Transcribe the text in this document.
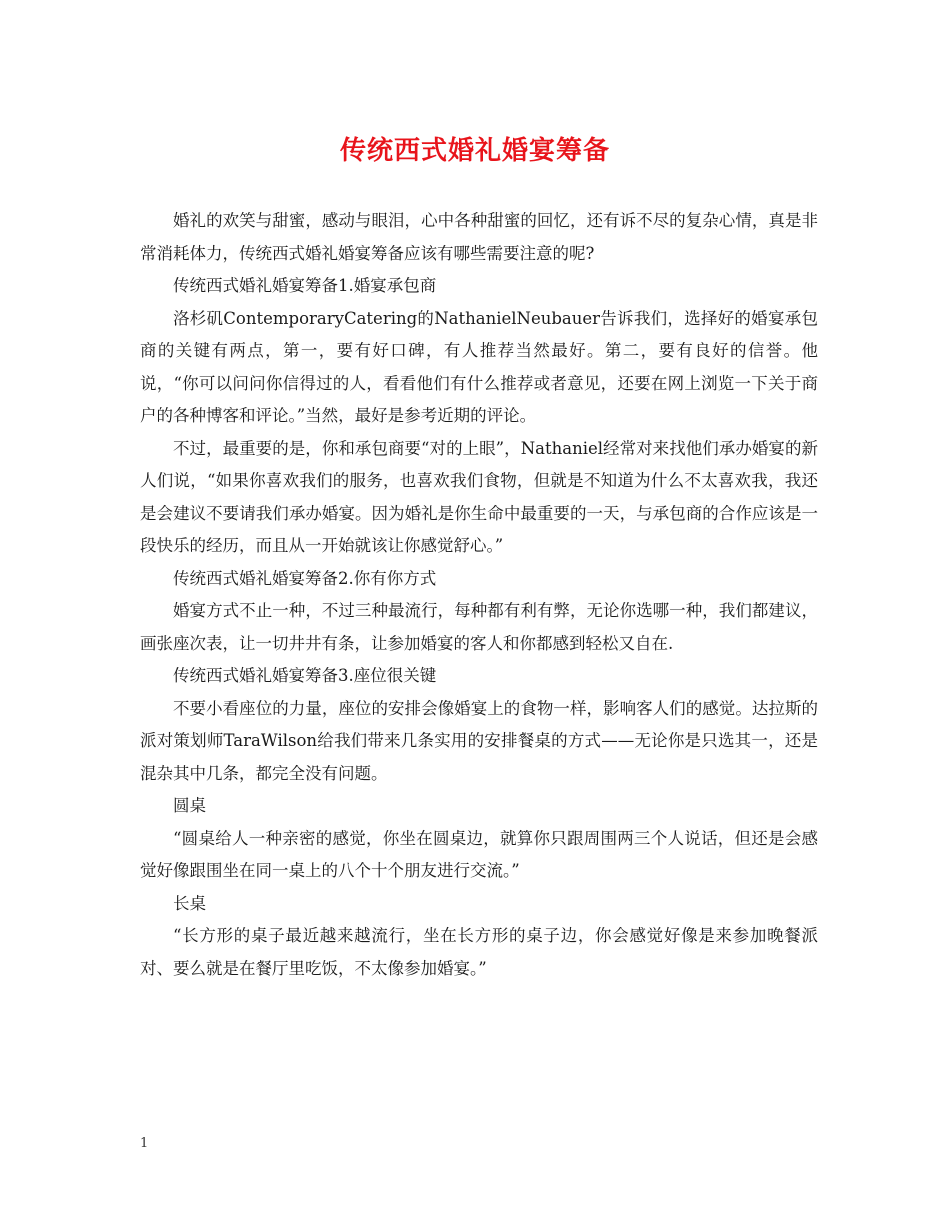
传统西式婚礼婚宴筹备

婚礼的欢笑与甜蜜，感动与眼泪，心中各种甜蜜的回忆，还有诉不尽的复杂心情，真是非常消耗体力，传统西式婚礼婚宴筹备应该有哪些需要注意的呢?

传统西式婚礼婚宴筹备1.婚宴承包商

洛杉矶ContemporaryCatering的NathanielNeubauer告诉我们，选择好的婚宴承包商的关键有两点，第一，要有好口碑，有人推荐当然最好。第二，要有良好的信誉。他说，“你可以问问你信得过的人，看看他们有什么推荐或者意见，还要在网上浏览一下关于商户的各种博客和评论。”当然，最好是参考近期的评论。

不过，最重要的是，你和承包商要“对的上眼”，Nathaniel经常对来找他们承办婚宴的新人们说，“如果你喜欢我们的服务，也喜欢我们食物，但就是不知道为什么不太喜欢我，我还是会建议不要请我们承办婚宴。因为婚礼是你生命中最重要的一天，与承包商的合作应该是一段快乐的经历，而且从一开始就该让你感觉舒心。”

传统西式婚礼婚宴筹备2.你有你方式

婚宴方式不止一种，不过三种最流行，每种都有利有弊，无论你选哪一种，我们都建议，画张座次表，让一切井井有条，让参加婚宴的客人和你都感到轻松又自在.

传统西式婚礼婚宴筹备3.座位很关键

不要小看座位的力量，座位的安排会像婚宴上的食物一样，影响客人们的感觉。达拉斯的派对策划师TaraWilson给我们带来几条实用的安排餐桌的方式——无论你是只选其一，还是混杂其中几条，都完全没有问题。

圆桌

“圆桌给人一种亲密的感觉，你坐在圆桌边，就算你只跟周围两三个人说话，但还是会感觉好像跟围坐在同一桌上的八个十个朋友进行交流。”

长桌

“长方形的桌子最近越来越流行，坐在长方形的桌子边，你会感觉好像是来参加晚餐派对、要么就是在餐厅里吃饭，不太像参加婚宴。”

1
